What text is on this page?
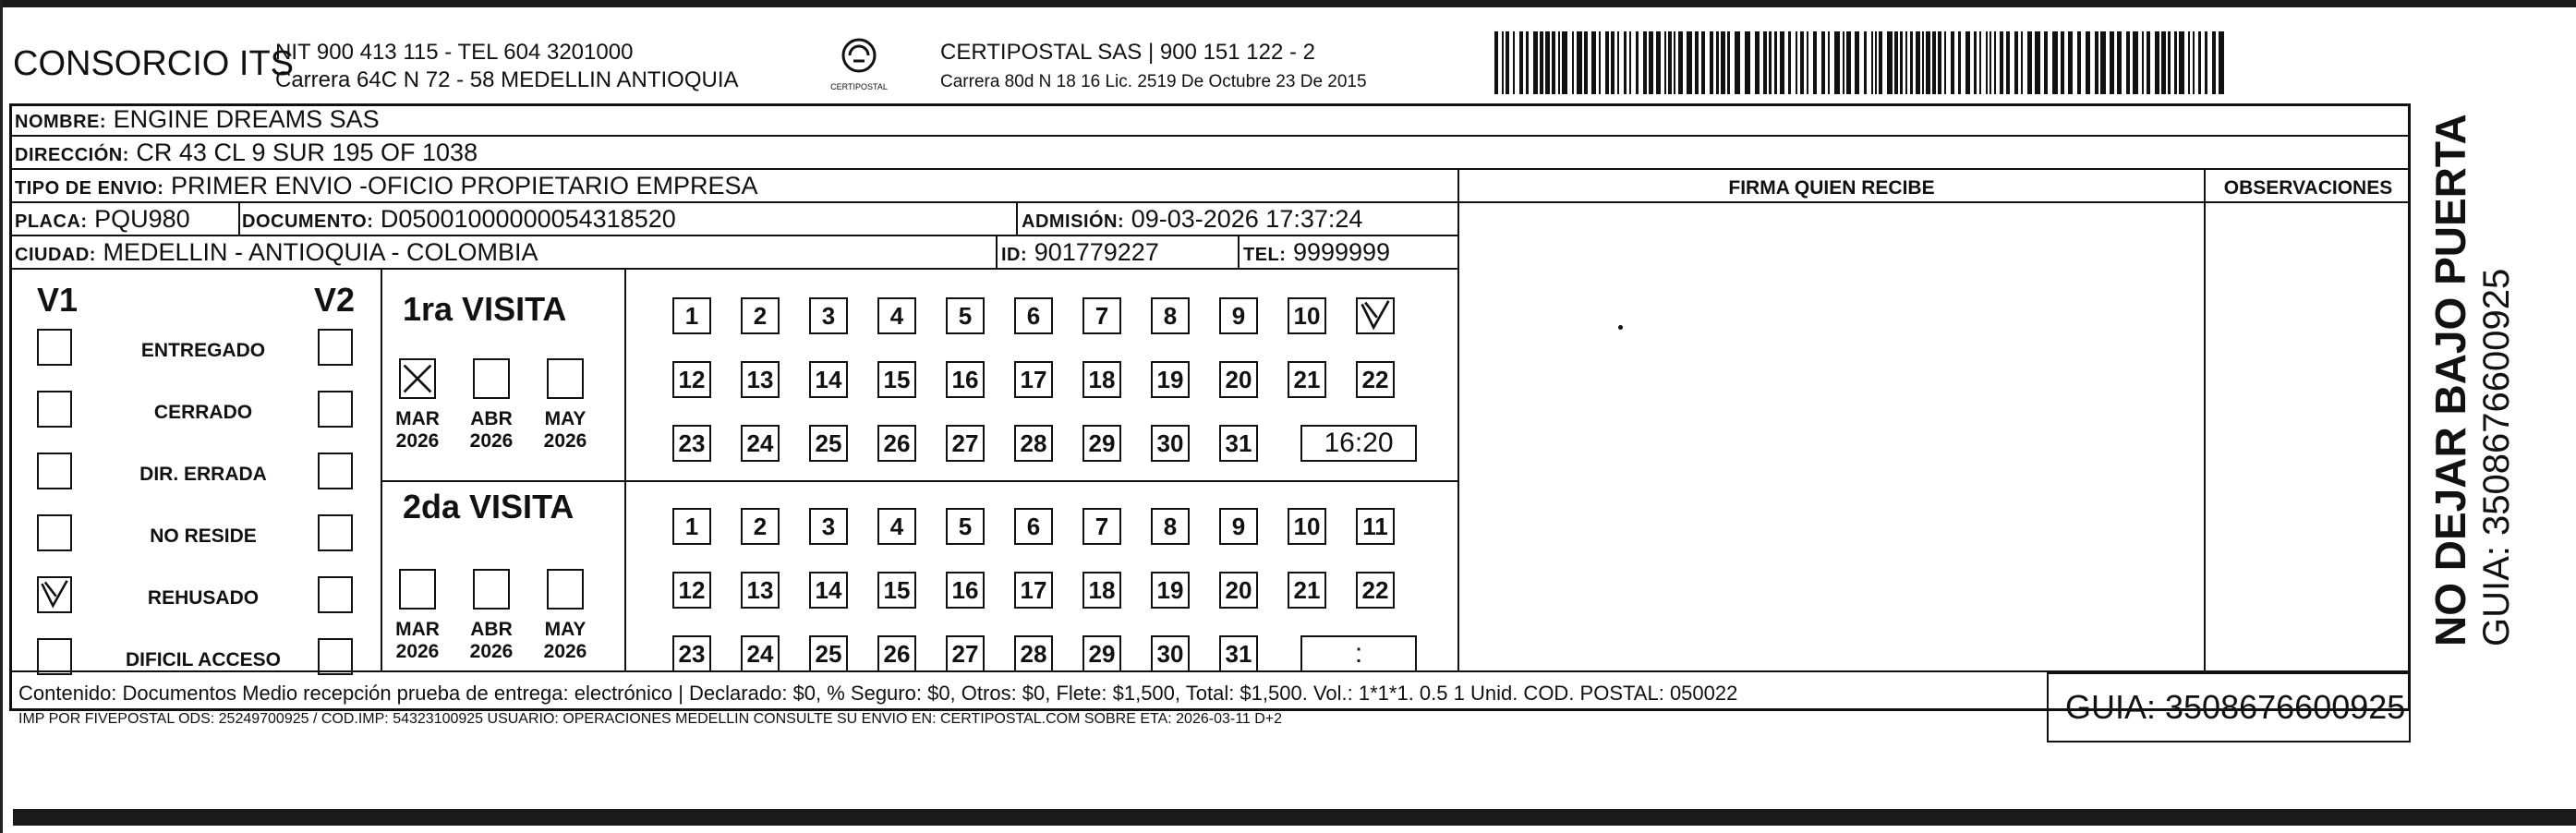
CONSORCIO ITS
NIT 900 413 115 - TEL 604 3201000
Carrera 64C N 72 - 58 MEDELLIN ANTIOQUIA	CERTIPOSTAL
CERTIPOSTAL SAS | 900 151 122 - 2
Carrera 80d N 18 16 Lic. 2519 De Octubre 23 De 2015
NOMBRE: ENGINE DREAMS SAS
DIRECCIÓN: CR 43 CL 9 SUR 195 OF 1038
TIPO DE ENVIO: PRIMER ENVIO -OFICIO PROPIETARIO EMPRESA
PLACA: PQU980	DOCUMENTO: D05001000000054318520	ADMISIÓN: 09-03-2026 17:37:24
CIUDAD: MEDELLIN - ANTIOQUIA - COLOMBIA	ID: 901779227	TEL: 9999999
FIRMA QUIEN RECIBE	OBSERVACIONES
V1	V2
ENTREGADO
CERRADO
DIR. ERRADA
NO RESIDE
REHUSADO
DIFICIL ACCESO
1ra VISITA
2da VISITA
MAR
2026
ABR
2026
MAY
2026
1	2	3	4	5	6	7	8	9	10
12 13 14 15 16 17 18 19 20 21 22
23 24 25 26 27 28 29 30 31	16:20
MAR
2026
ABR
2026
MAY
2026
1	2	3	4	5	6	7	8	9	10 11
12 13 14 15 16 17 18 19 20 21 22
23 24 25 26 27 28 29 30 31	:
Contenido: Documentos Medio recepción prueba de entrega: electrónico | Declarado: $0, % Seguro: $0, Otros: $0, Flete: $1,500, Total: $1,500. Vol.: 1*1*1. 0.5 1 Unid. COD. POSTAL: 050022
IMP POR FIVEPOSTAL ODS: 25249700925 / COD.IMP: 54323100925 USUARIO: OPERACIONES MEDELLIN CONSULTE SU ENVIO EN: CERTIPOSTAL.COM SOBRE ETA: 2026-03-11 D+2	GUIA: 3508676600925
NO DEJAR BAJO PUERTA GUIA: 3508676600925
